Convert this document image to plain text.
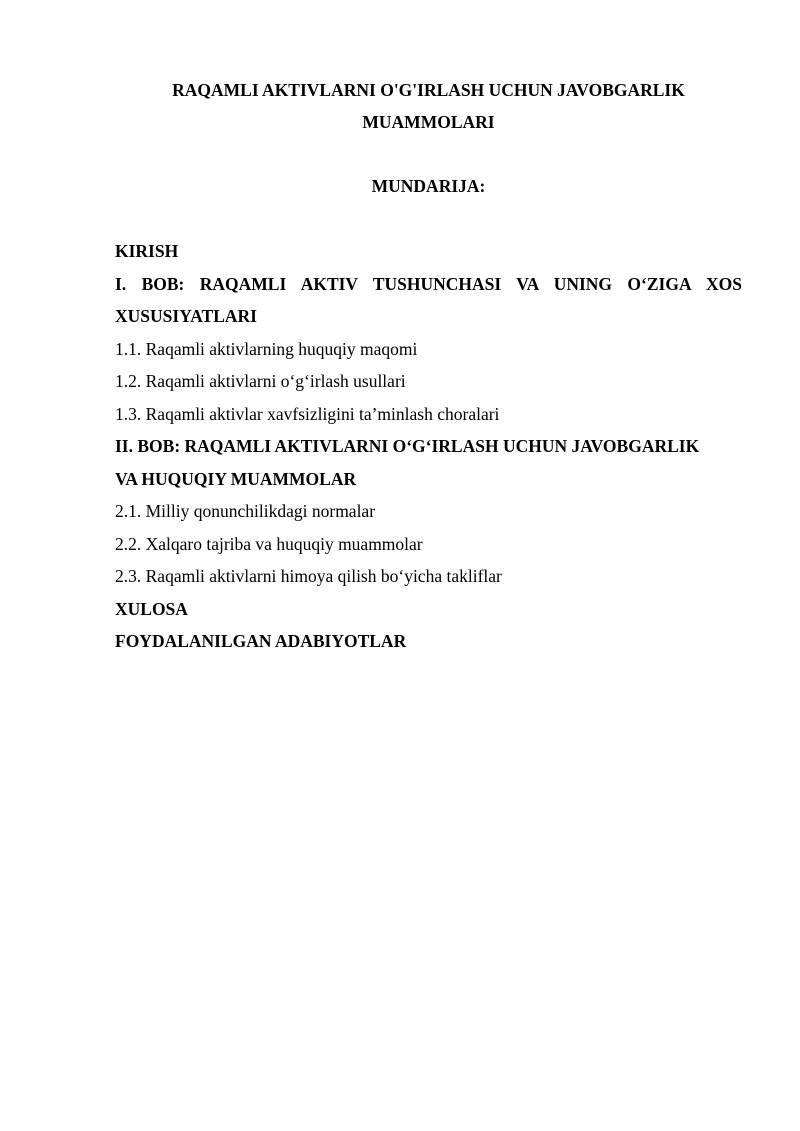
RAQAMLI AKTIVLARNI O'G'IRLASH UCHUN JAVOBGARLIK
MUAMMOLARI
MUNDARIJA:
KIRISH
I. BOB: RAQAMLI AKTIV TUSHUNCHASI VA UNING O‘ZIGA XOS
XUSUSIYATLARI
1.1. Raqamli aktivlarning huquqiy maqomi
1.2. Raqamli aktivlarni o‘g‘irlash usullari
1.3. Raqamli aktivlar xavfsizligini ta’minlash choralari
II. BOB: RAQAMLI AKTIVLARNI O‘G‘IRLASH UCHUN JAVOBGARLIK
VA HUQUQIY MUAMMOLAR
2.1. Milliy qonunchilikdagi normalar
2.2. Xalqaro tajriba va huquqiy muammolar
2.3. Raqamli aktivlarni himoya qilish bo‘yicha takliflar
XULOSA
FOYDALANILGAN ADABIYOTLAR
